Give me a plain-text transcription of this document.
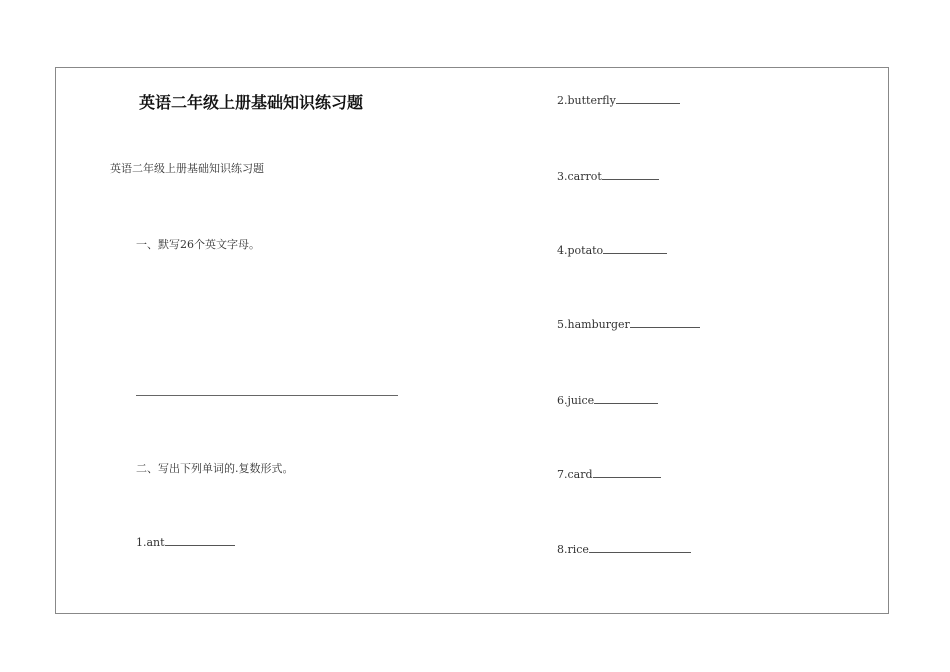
英语二年级上册基础知识练习题
英语二年级上册基础知识练习题
一、默写26个英文字母。
二、写出下列单词的.复数形式。
1.ant
2.butterfly
3.carrot
4.potato
5.hamburger
6.juice
7.card
8.rice
